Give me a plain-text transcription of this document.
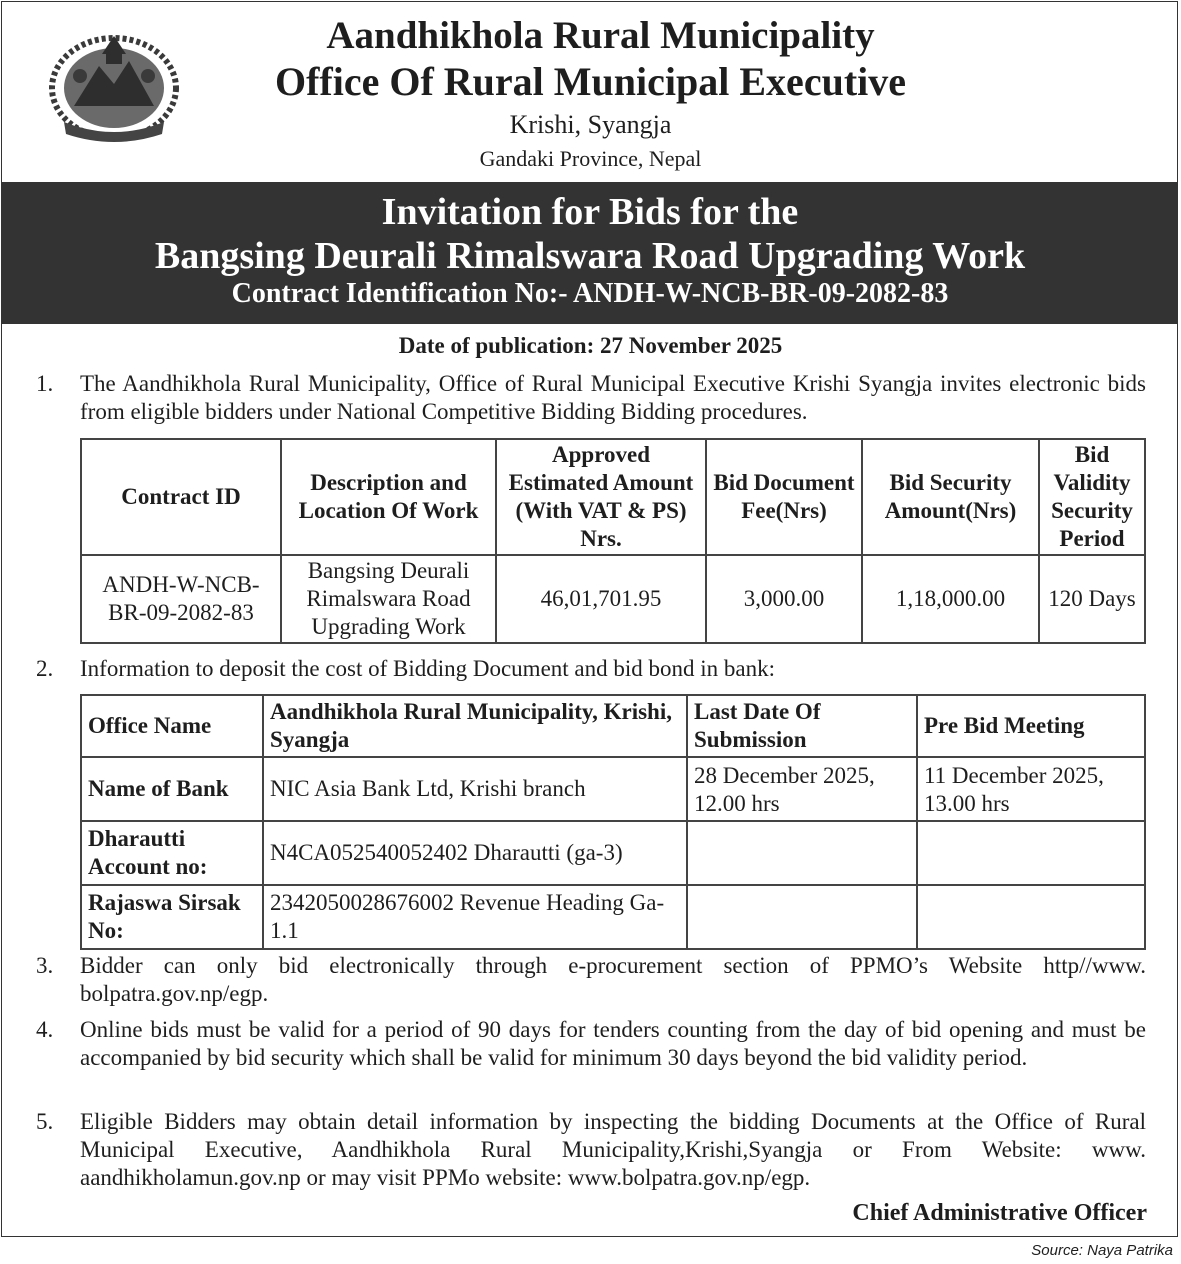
Aandhikhola Rural Municipality
Office Of Rural Municipal Executive
Krishi, Syangja
Gandaki Province, Nepal
Invitation for Bids for the
Bangsing Deurali Rimalswara Road Upgrading Work
Contract Identification No:- ANDH-W-NCB-BR-09-2082-83
Date of publication: 27 November 2025
1. The Aandhikhola Rural Municipality, Office of Rural Municipal Executive Krishi Syangja invites electronic bids from eligible bidders under National Competitive Bidding Bidding procedures.
Contract ID	Description and Location Of Work	Approved Estimated Amount (With VAT & PS) Nrs.	Bid Document Fee(Nrs)	Bid Security Amount(Nrs)	Bid Validity Security Period
ANDH-W-NCB-BR-09-2082-83	Bangsing Deurali Rimalswara Road Upgrading Work	46,01,701.95	3,000.00	1,18,000.00	120 Days
2. Information to deposit the cost of Bidding Document and bid bond in bank:
Office Name	Aandhikhola Rural Municipality, Krishi, Syangja	Last Date Of Submission	Pre Bid Meeting
Name of Bank	NIC Asia Bank Ltd, Krishi branch	28 December 2025, 12.00 hrs	11 December 2025, 13.00 hrs
Dharautti Account no:	N4CA052540052402 Dharautti (ga-3)		
Rajaswa Sirsak No:	2342050028676002 Revenue Heading Ga-1.1		
3. Bidder can only bid electronically through e-procurement section of PPMO’s Website http//www. bolpatra.gov.np/egp.
4. Online bids must be valid for a period of 90 days for tenders counting from the day of bid opening and must be accompanied by bid security which shall be valid for minimum 30 days beyond the bid validity period.
5. Eligible Bidders may obtain detail information by inspecting the bidding Documents at the Office of Rural Municipal Executive, Aandhikhola Rural Municipality,Krishi,Syangja or From Website: www. aandhikholamun.gov.np or may visit PPMo website: www.bolpatra.gov.np/egp.
Chief Administrative Officer
Source: Naya Patrika
